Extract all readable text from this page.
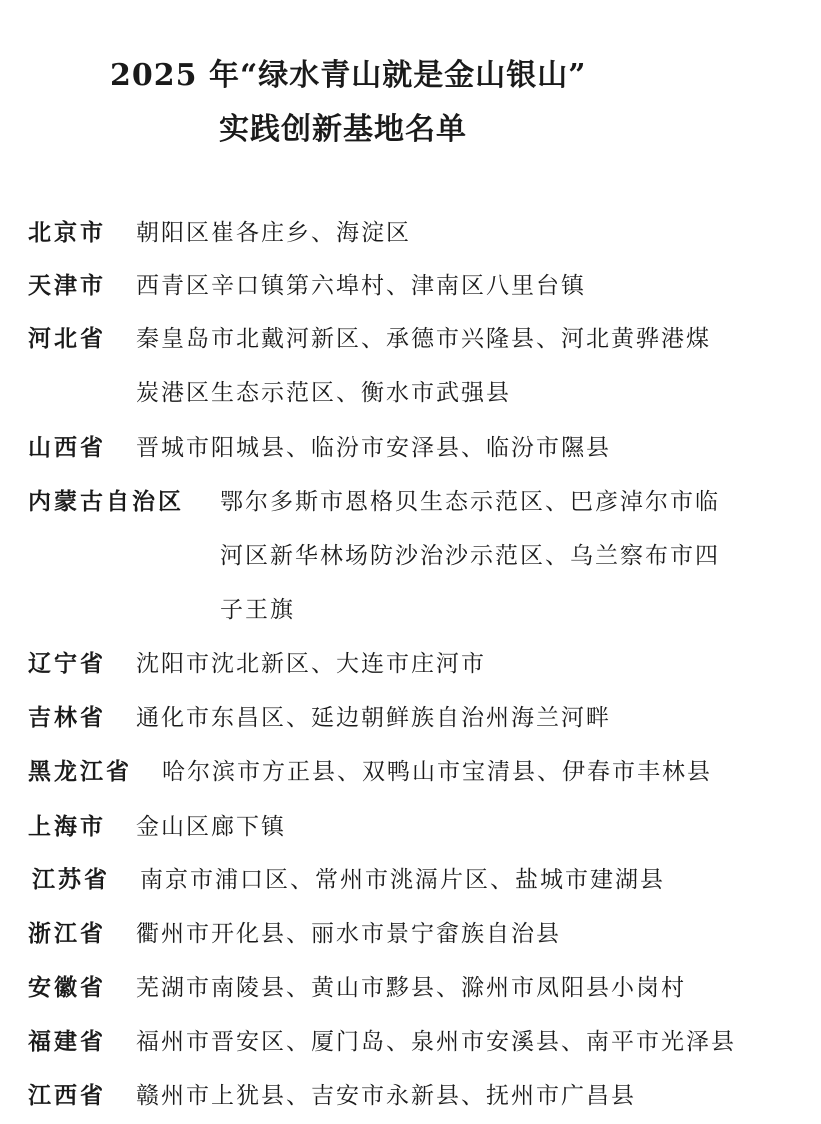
2025 年“绿水青山就是金山银山”
实践创新基地名单
北京市 朝阳区崔各庄乡、海淀区
天津市 西青区辛口镇第六埠村、津南区八里台镇
河北省 秦皇岛市北戴河新区、承德市兴隆县、河北黄骅港煤
炭港区生态示范区、衡水市武强县
山西省 晋城市阳城县、临汾市安泽县、临汾市隰县
内蒙古自治区 鄂尔多斯市恩格贝生态示范区、巴彦淖尔市临
河区新华林场防沙治沙示范区、乌兰察布市四
子王旗
辽宁省 沈阳市沈北新区、大连市庄河市
吉林省 通化市东昌区、延边朝鲜族自治州海兰河畔
黑龙江省 哈尔滨市方正县、双鸭山市宝清县、伊春市丰林县
上海市 金山区廊下镇
江苏省 南京市浦口区、常州市洮滆片区、盐城市建湖县
浙江省 衢州市开化县、丽水市景宁畲族自治县
安徽省 芜湖市南陵县、黄山市黟县、滁州市凤阳县小岗村
福建省 福州市晋安区、厦门岛、泉州市安溪县、南平市光泽县
江西省 赣州市上犹县、吉安市永新县、抚州市广昌县
